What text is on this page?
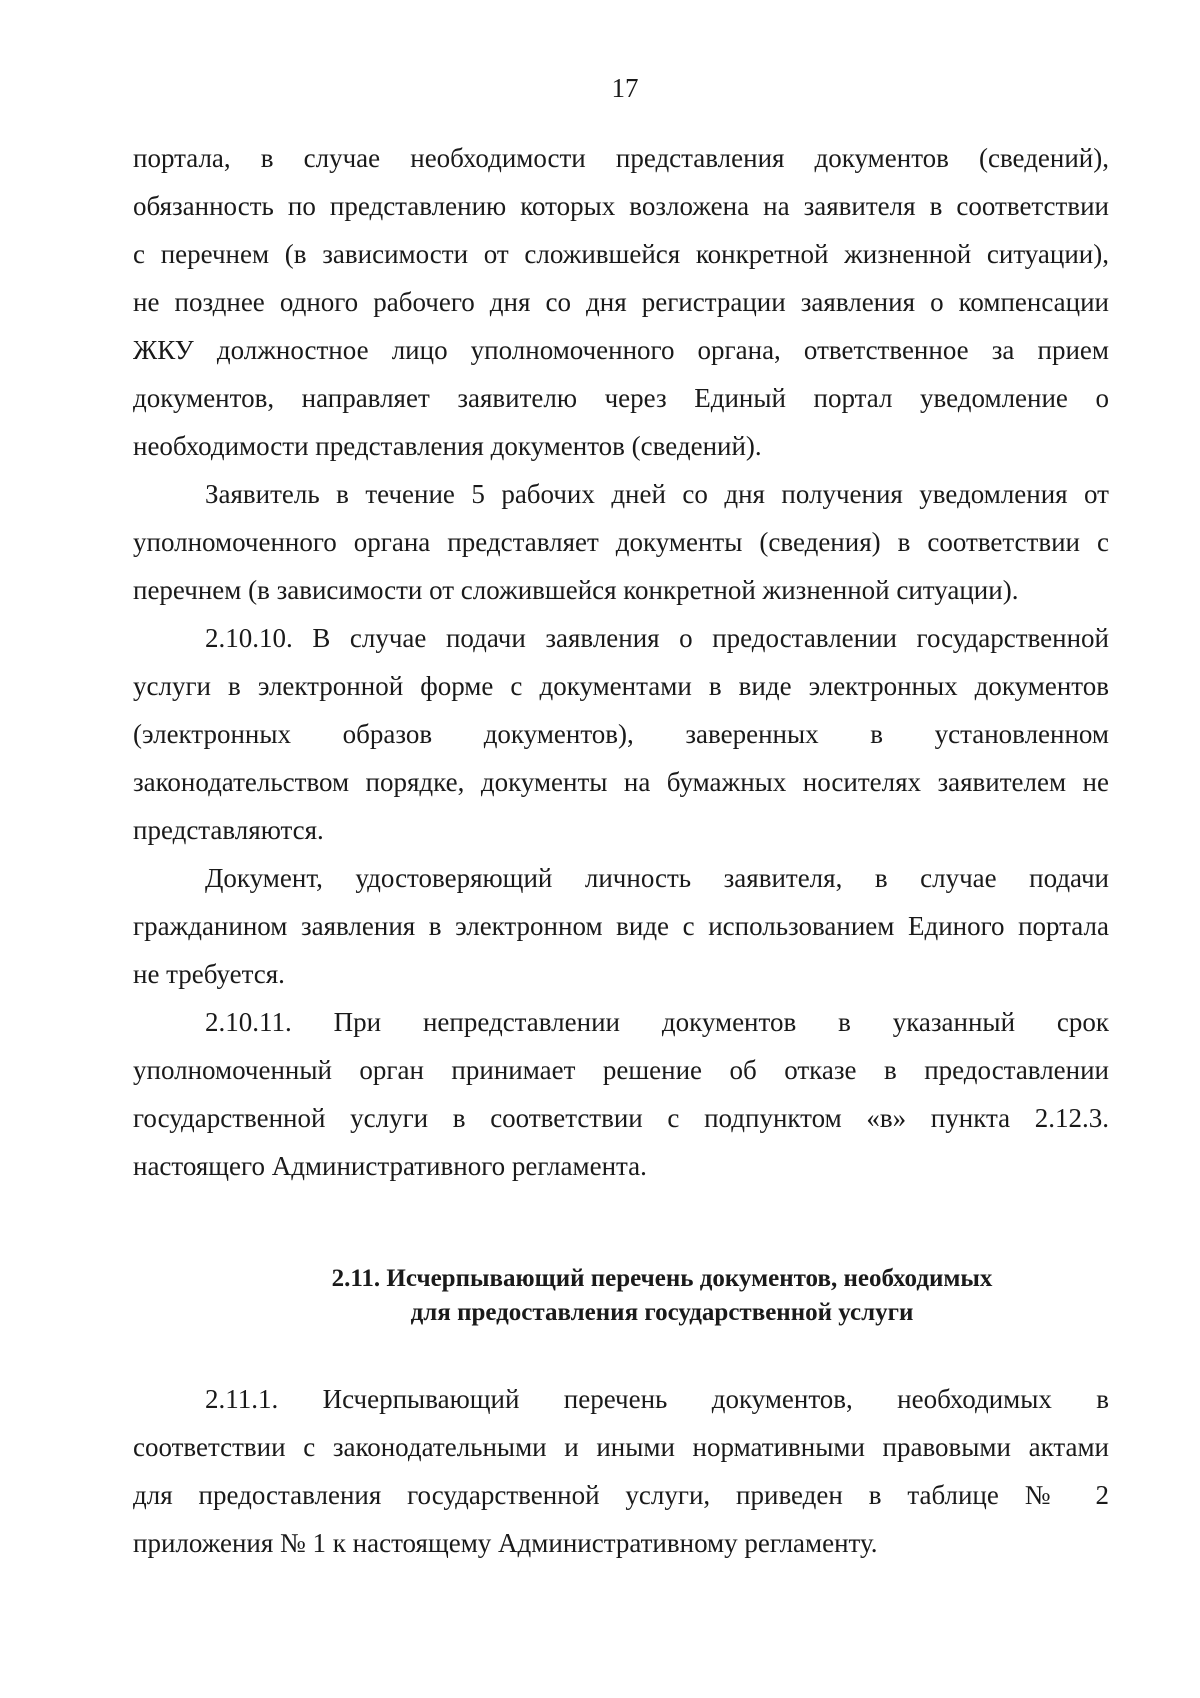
17
портала, в случае необходимости представления документов (сведений),
обязанность по представлению которых возложена на заявителя в соответствии
с перечнем (в зависимости от сложившейся конкретной жизненной ситуации),
не позднее одного рабочего дня со дня регистрации заявления о компенсации
ЖКУ должностное лицо уполномоченного органа, ответственное за прием
документов, направляет заявителю через Единый портал уведомление о
необходимости представления документов (сведений).
Заявитель в течение 5 рабочих дней со дня получения уведомления от
уполномоченного органа представляет документы (сведения) в соответствии с
перечнем (в зависимости от сложившейся конкретной жизненной ситуации).
2.10.10. В случае подачи заявления о предоставлении государственной
услуги в электронной форме с документами в виде электронных документов
(электронных образов документов), заверенных в установленном
законодательством порядке, документы на бумажных носителях заявителем не
представляются.
Документ, удостоверяющий личность заявителя, в случае подачи
гражданином заявления в электронном виде с использованием Единого портала
не требуется.
2.10.11. При непредставлении документов в указанный срок
уполномоченный орган принимает решение об отказе в предоставлении
государственной услуги в соответствии с подпунктом «в» пункта 2.12.3.
настоящего Административного регламента.
2.11. Исчерпывающий перечень документов, необходимых
для предоставления государственной услуги
2.11.1. Исчерпывающий перечень документов, необходимых в
соответствии с законодательными и иными нормативными правовыми актами
для предоставления государственной услуги, приведен в таблице № 2
приложения № 1 к настоящему Административному регламенту.
